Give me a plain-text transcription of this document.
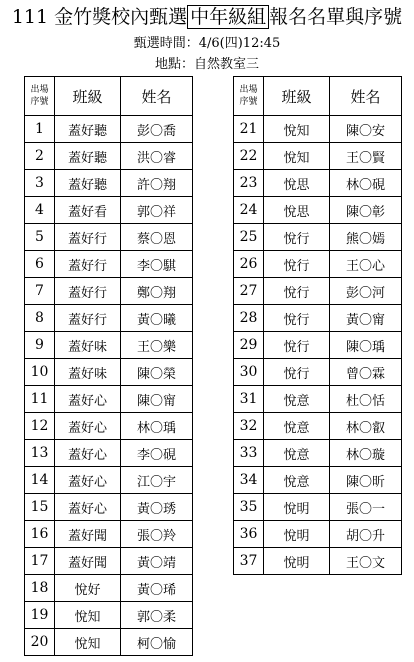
111 金竹獎校內甄選 中年級組 報名名單與序號
甄選時間：4/6(四)12:45
地點：自然教室三
出場
序號	班級	姓名
1	蓋好聽	彭〇喬
2	蓋好聽	洪〇睿
3	蓋好聽	許〇翔
4	蓋好看	郭〇祥
5	蓋好行	蔡〇恩
6	蓋好行	李〇騏
7	蓋好行	鄭〇翔
8	蓋好行	黃〇曦
9	蓋好味	王〇樂
10	蓋好味	陳〇榮
11	蓋好心	陳〇甯
12	蓋好心	林〇瑀
13	蓋好心	李〇硯
14	蓋好心	江〇宇
15	蓋好心	黃〇琇
16	蓋好聞	張〇羚
17	蓋好聞	黃〇靖
18	悅好	黃〇琋
19	悅知	郭〇柔
20	悅知	柯〇愉
出場
序號	班級	姓名
21	悅知	陳〇安
22	悅知	王〇賢
23	悅思	林〇硯
24	悅思	陳〇彰
25	悅行	熊〇嫣
26	悅行	王〇心
27	悅行	彭〇河
28	悅行	黃〇甯
29	悅行	陳〇瑀
30	悅行	曾〇霖
31	悅意	杜〇恬
32	悅意	林〇叡
33	悅意	林〇璇
34	悅意	陳〇昕
35	悅明	張〇一
36	悅明	胡〇升
37	悅明	王〇文
